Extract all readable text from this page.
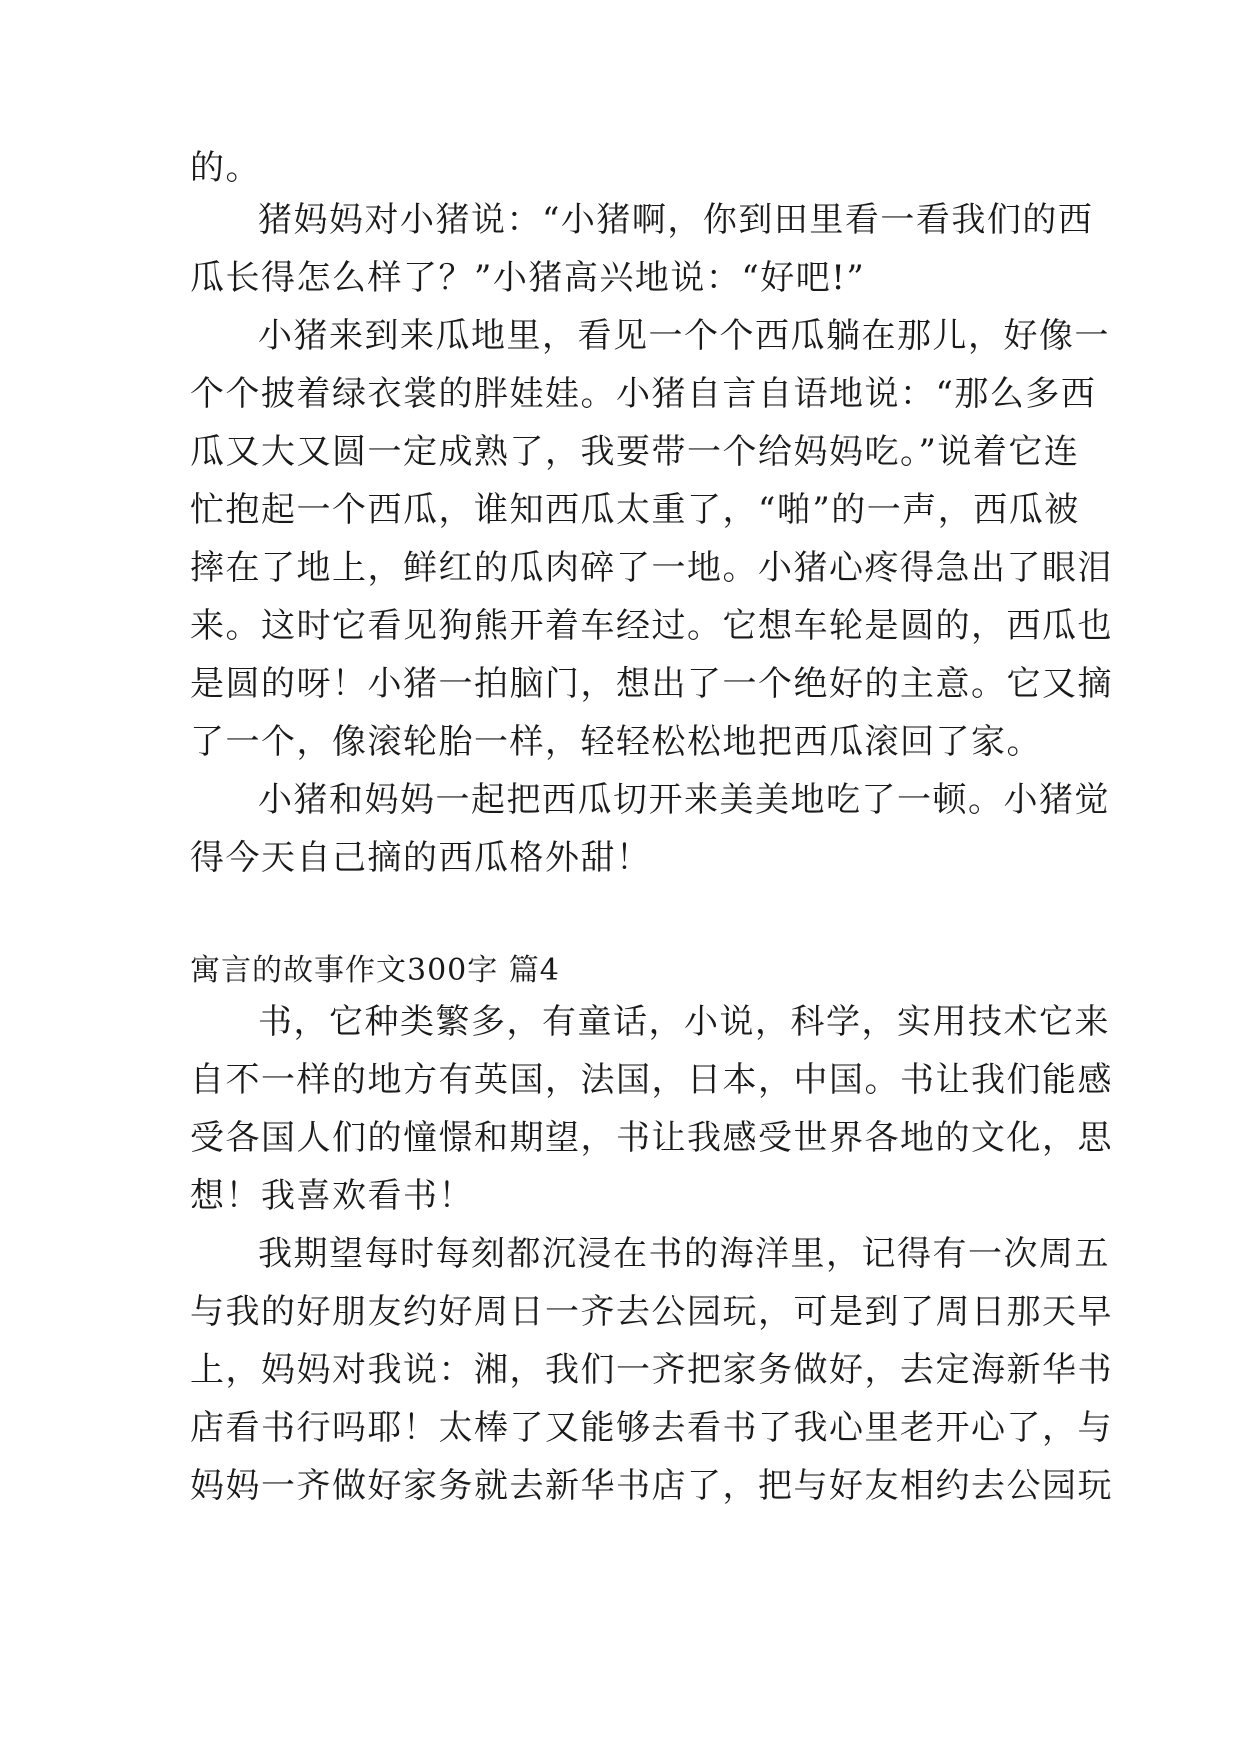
的。
猪妈妈对小猪说：“小猪啊，你到田里看一看我们的西
瓜长得怎么样了？”小猪高兴地说：“好吧!”
小猪来到来瓜地里，看见一个个西瓜躺在那儿，好像一
个个披着绿衣裳的胖娃娃。小猪自言自语地说：“那么多西
瓜又大又圆一定成熟了，我要带一个给妈妈吃。”说着它连
忙抱起一个西瓜，谁知西瓜太重了，“啪”的一声，西瓜被
摔在了地上，鲜红的瓜肉碎了一地。小猪心疼得急出了眼泪
来。这时它看见狗熊开着车经过。它想车轮是圆的，西瓜也
是圆的呀！小猪一拍脑门，想出了一个绝好的主意。它又摘
了一个，像滚轮胎一样，轻轻松松地把西瓜滚回了家。
小猪和妈妈一起把西瓜切开来美美地吃了一顿。小猪觉
得今天自己摘的西瓜格外甜！
寓言的故事作文300字 篇4
书，它种类繁多，有童话，小说，科学，实用技术它来
自不一样的地方有英国，法国，日本，中国。书让我们能感
受各国人们的憧憬和期望，书让我感受世界各地的文化，思
想！我喜欢看书！
我期望每时每刻都沉浸在书的海洋里，记得有一次周五
与我的好朋友约好周日一齐去公园玩，可是到了周日那天早
上，妈妈对我说：湘，我们一齐把家务做好，去定海新华书
店看书行吗耶！太棒了又能够去看书了我心里老开心了，与
妈妈一齐做好家务就去新华书店了，把与好友相约去公园玩
